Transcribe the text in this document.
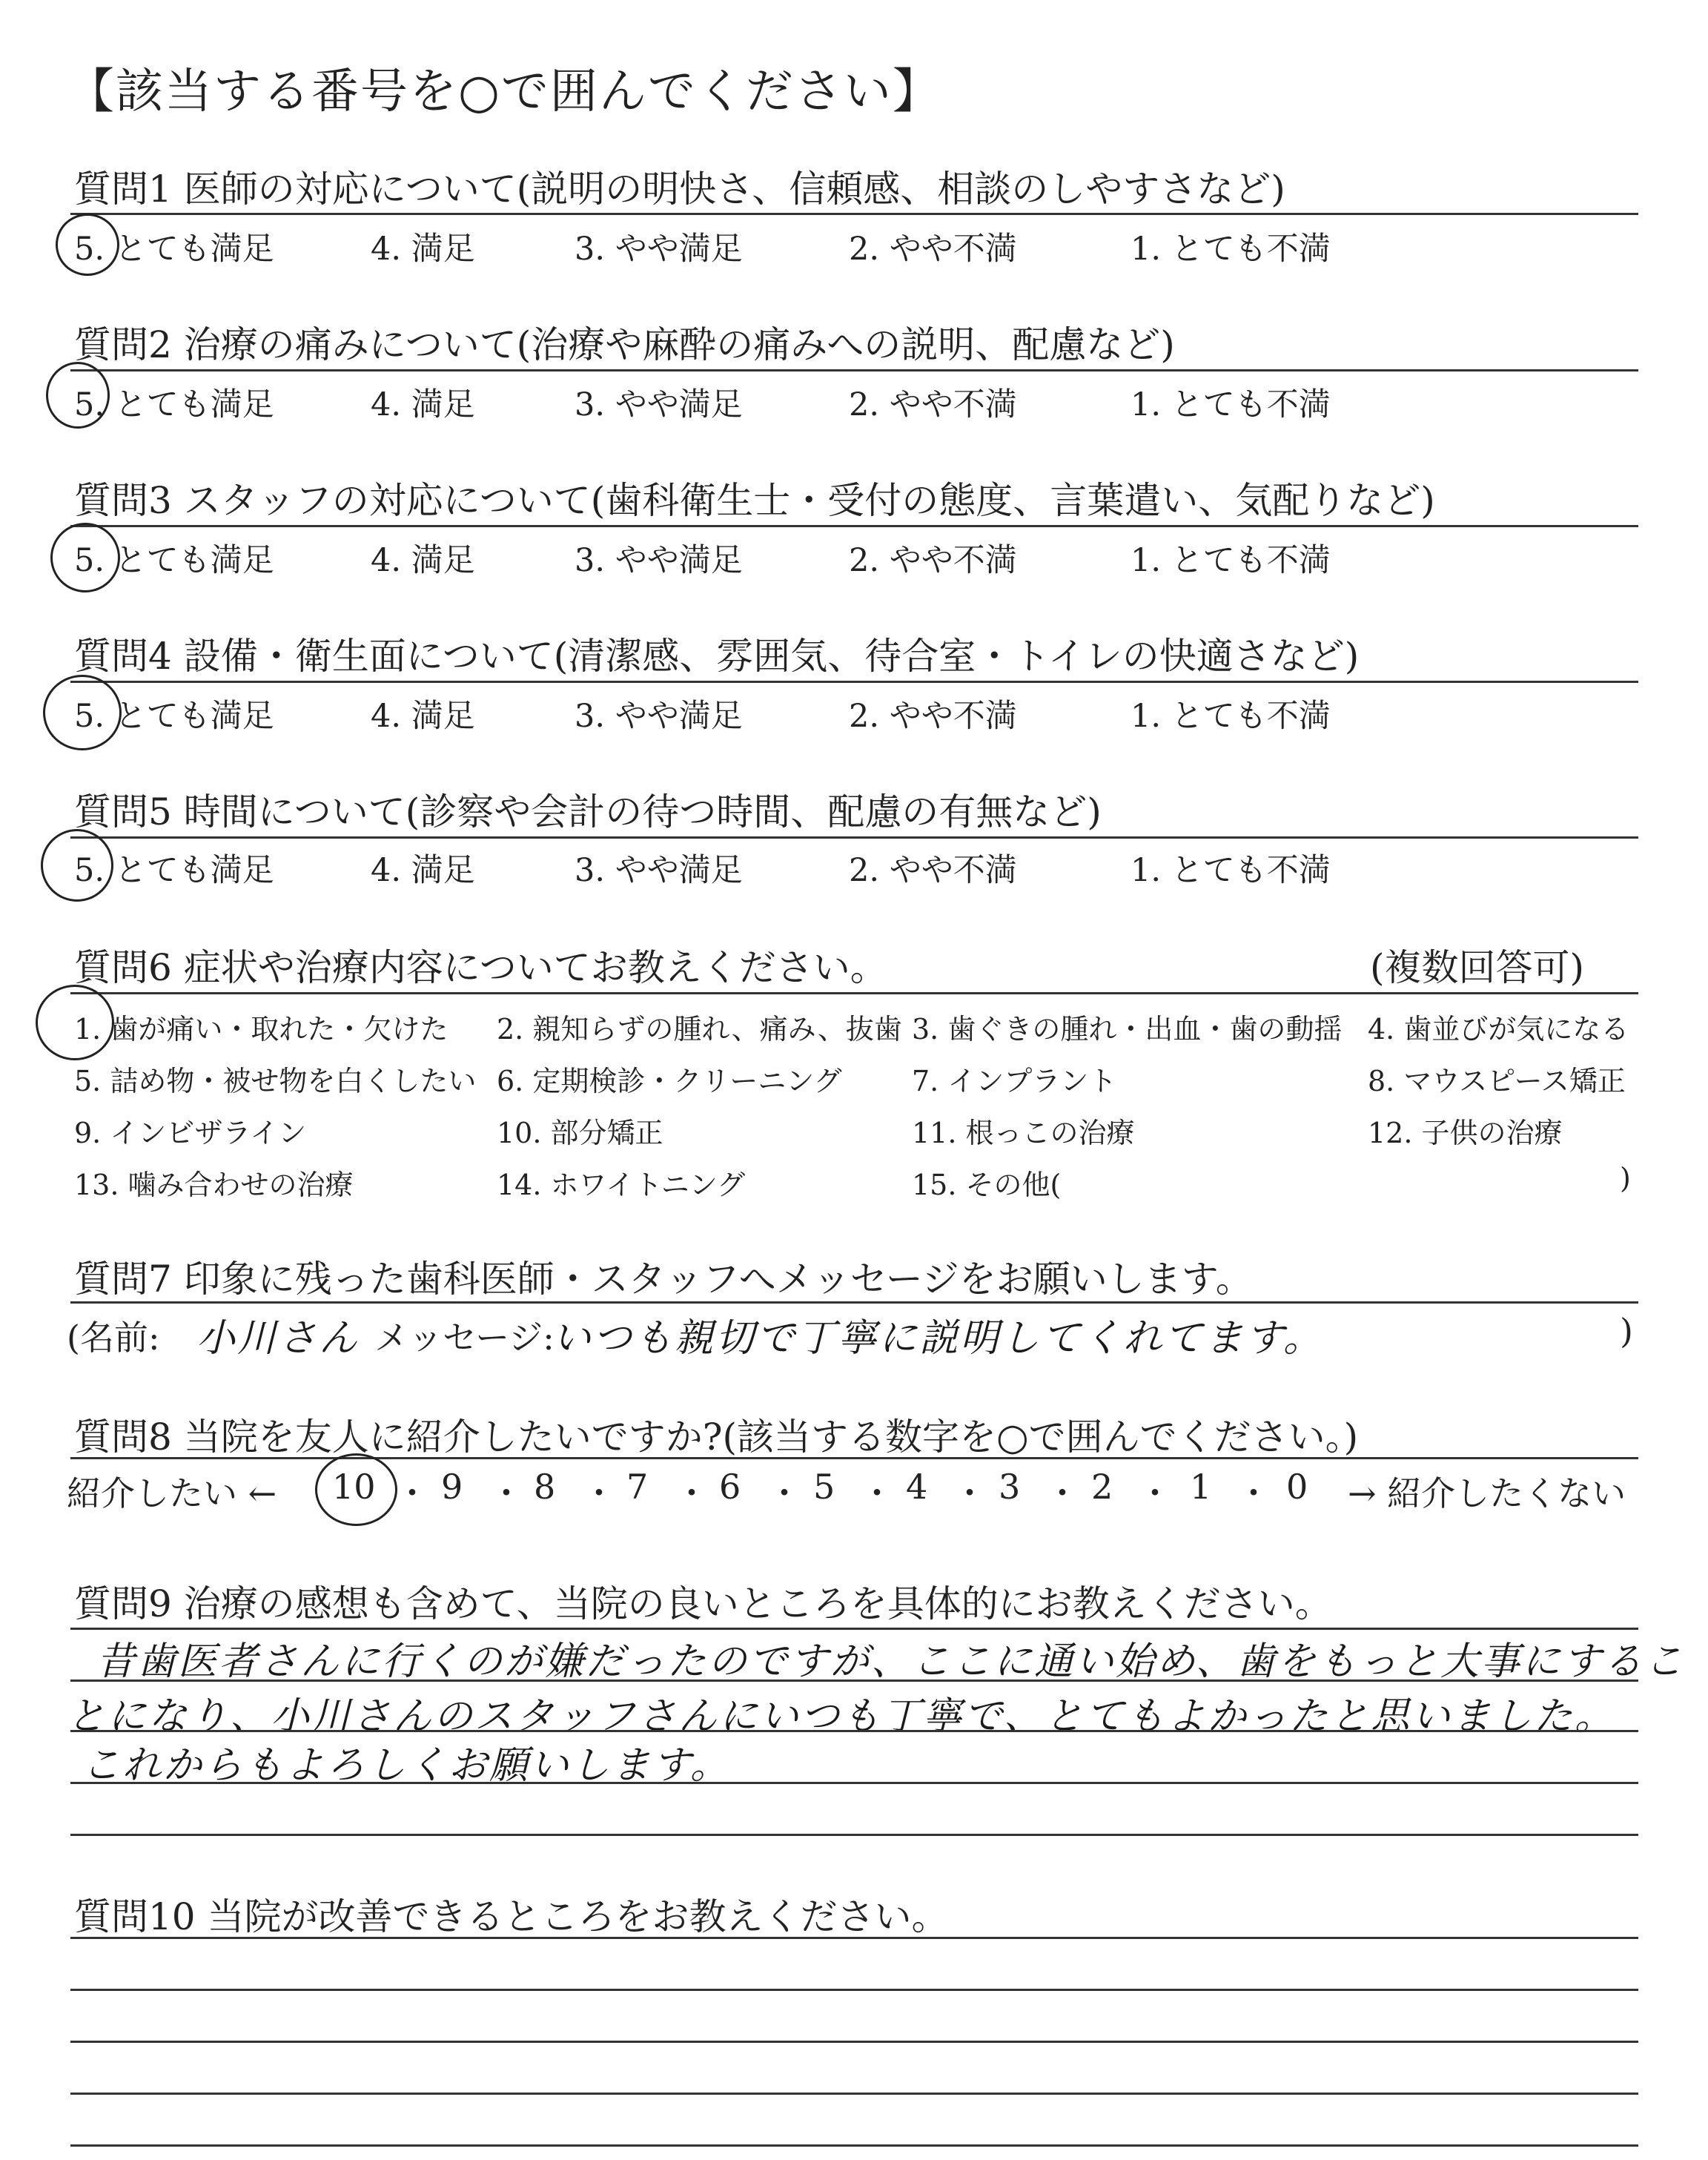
【該当する番号を○で囲んでください】
質問1 医師の対応について(説明の明快さ、信頼感、相談のしやすさなど)
5. とても満足	4. 満足	3. やや満足	2. やや不満	1. とても不満
質問2 治療の痛みについて(治療や麻酔の痛みへの説明、配慮など)
5. とても満足	4. 満足	3. やや満足	2. やや不満	1. とても不満
質問3 スタッフの対応について(歯科衛生士・受付の態度、言葉遣い、気配りなど)
5. とても満足	4. 満足	3. やや満足	2. やや不満	1. とても不満
質問4 設備・衛生面について(清潔感、雰囲気、待合室・トイレの快適さなど)
5. とても満足	4. 満足	3. やや満足	2. やや不満	1. とても不満
質問5 時間について(診察や会計の待つ時間、配慮の有無など)
5. とても満足	4. 満足	3. やや満足	2. やや不満	1. とても不満
質問6 症状や治療内容についてお教えください。	(複数回答可)
1. 歯が痛い・取れた・欠けた 2. 親知らずの腫れ、痛み、抜歯 3. 歯ぐきの腫れ・出血・歯の動揺 4. 歯並びが気になる
5. 詰め物・被せ物を白くしたい 6. 定期検診・クリーニング 7. インプラント	8. マウスピース矯正
9. インビザライン	10. 部分矯正	11. 根っこの治療	12. 子供の治療
13. 噛み合わせの治療	14. ホワイトニング	15. その他(	)
質問7 印象に残った歯科医師・スタッフへメッセージをお願いします。
(名前: 小川さん メッセージ:
いつも親切で丁寧に説明してくれてます。	)
質問8 当院を友人に紹介したいですか?(該当する数字を○で囲んでください。)
紹介したい ←	→ 紹介したくない
10 ・ 9 ・ 8 ・ 7 ・ 6 ・ 5 ・ 4 ・ 3 ・ 2 ・ 1 ・ 0
質問9 治療の感想も含めて、当院の良いところを具体的にお教えください。
昔歯医者さんに行くのが嫌だったのですが、ここに通い始め、歯をもっと大事にするこ
とになり、小川さんのスタッフさんにいつも丁寧で、とてもよかったと思いました。
これからもよろしくお願いします。
質問10 当院が改善できるところをお教えください。
